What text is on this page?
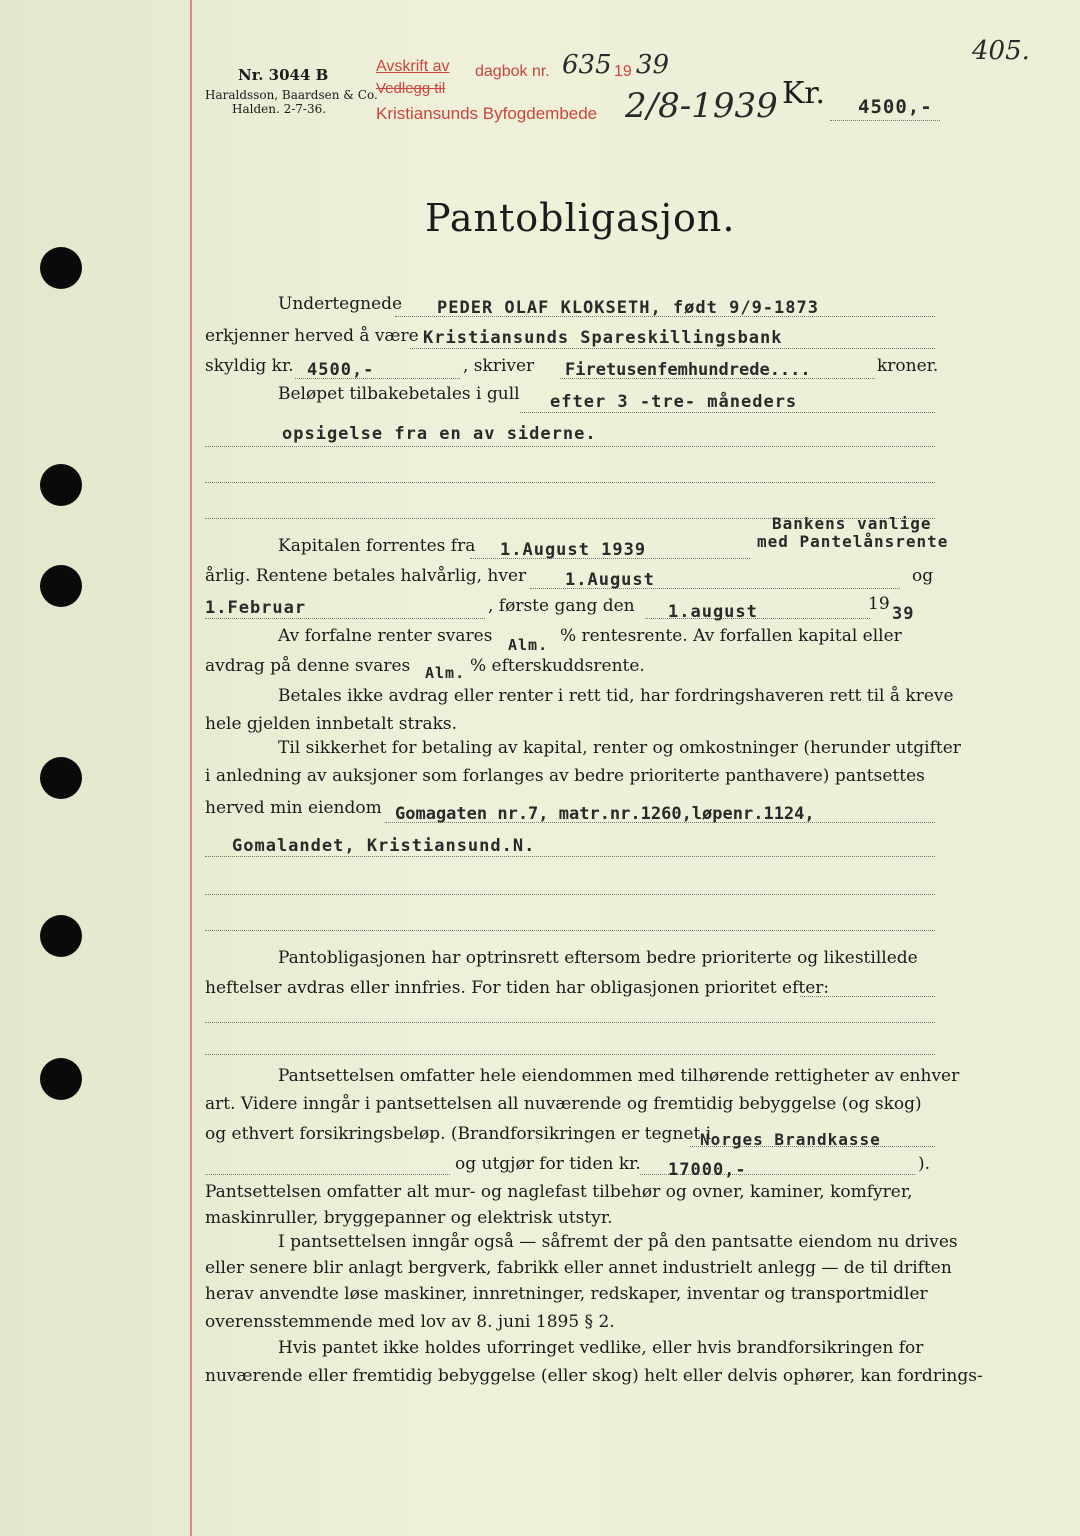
Nr. 3044 B
Haraldsson, Baardsen & Co.
Halden. 2-7-36.
Avskrift av dagbok nr. 635 19 39
Vedlegg til
Kristiansunds Byfogdembede 2/8-1939 Kr. 4500,-
405.
Pantobligasjon.
Undertegnede PEDER OLAF KLOKSETH, født 9/9-1873
erkjenner herved å være Kristiansunds Spareskillingsbank
skyldig kr. 4500,-	, skriver Firetusenfemhundrede....	kroner.
Beløpet tilbakebetales i gull efter 3 -tre- måneders
opsigelse fra en av siderne.
Bankens vanlige
med Pantelånsrente
Kapitalen forrentes fra 1.August 1939
årlig. Rentene betales halvårlig, hver 1.August	og
1.Februar	, første gang den 1.august	19 39
Av forfalne renter svares Alm. % rentesrente. Av forfallen kapital eller
avdrag på denne svares Alm. % efterskuddsrente.
Betales ikke avdrag eller renter i rett tid, har fordringshaveren rett til å kreve
hele gjelden innbetalt straks.
Til sikkerhet for betaling av kapital, renter og omkostninger (herunder utgifter
i anledning av auksjoner som forlanges av bedre prioriterte panthavere) pantsettes
herved min eiendom Gomagaten nr.7, matr.nr.1260,løpenr.1124,
Gomalandet, Kristiansund.N.
Pantobligasjonen har optrinsrett eftersom bedre prioriterte og likestillede
heftelser avdras eller innfries. For tiden har obligasjonen prioritet efter:
Pantsettelsen omfatter hele eiendommen med tilhørende rettigheter av enhver
art. Videre inngår i pantsettelsen all nuværende og fremtidig bebyggelse (og skog)
og ethvert forsikringsbeløp. (Brandforsikringen er tegnet i
Norges Brandkasse
og utgjør for tiden kr. 17000,-	).
Pantsettelsen omfatter alt mur- og naglefast tilbehør og ovner, kaminer, komfyrer,
maskinruller, bryggepanner og elektrisk utstyr.
I pantsettelsen inngår også — såfremt der på den pantsatte eiendom nu drives
eller senere blir anlagt bergverk, fabrikk eller annet industrielt anlegg — de til driften
herav anvendte løse maskiner, innretninger, redskaper, inventar og transportmidler
overensstemmende med lov av 8. juni 1895 § 2.
Hvis pantet ikke holdes uforringet vedlike, eller hvis brandforsikringen for
nuværende eller fremtidig bebyggelse (eller skog) helt eller delvis ophører, kan fordrings-
